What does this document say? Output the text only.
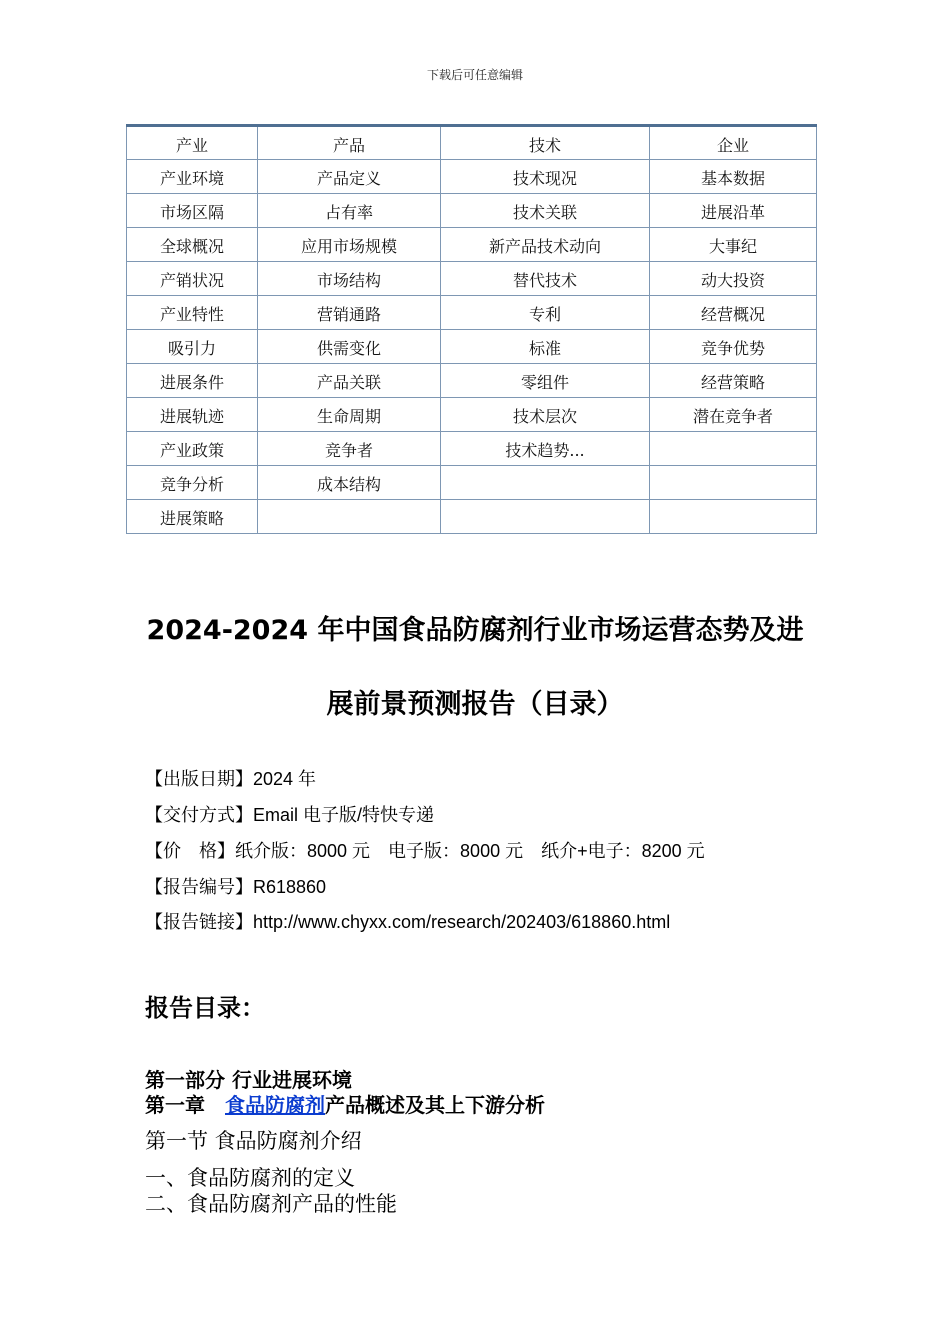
下载后可任意编辑
产业	产品	技术	企业
产业环境	产品定义	技术现况	基本数据
市场区隔	占有率	技术关联	进展沿革
全球概况	应用市场规模	新产品技术动向	大事纪
产销状况	市场结构	替代技术	动大投资
产业特性	营销通路	专利	经营概况
吸引力	供需变化	标准	竞争优势
进展条件	产品关联	零组件	经营策略
进展轨迹	生命周期	技术层次	潜在竞争者
产业政策	竞争者	技术趋势...	
竞争分析	成本结构		
进展策略			
2024-2024 年中国食品防腐剂行业市场运营态势及进
展前景预测报告（目录）
【出版日期】2024 年
【交付方式】Email 电子版/特快专递
【价　格】纸介版：8000 元　电子版：8000 元　纸介+电子：8200 元
【报告编号】R618860
【报告链接】http://www.chyxx.com/research/202403/618860.html
报告目录：
第一部分 行业进展环境
第一章　食品防腐剂产品概述及其上下游分析
第一节 食品防腐剂介绍
一、食品防腐剂的定义
二、食品防腐剂产品的性能
